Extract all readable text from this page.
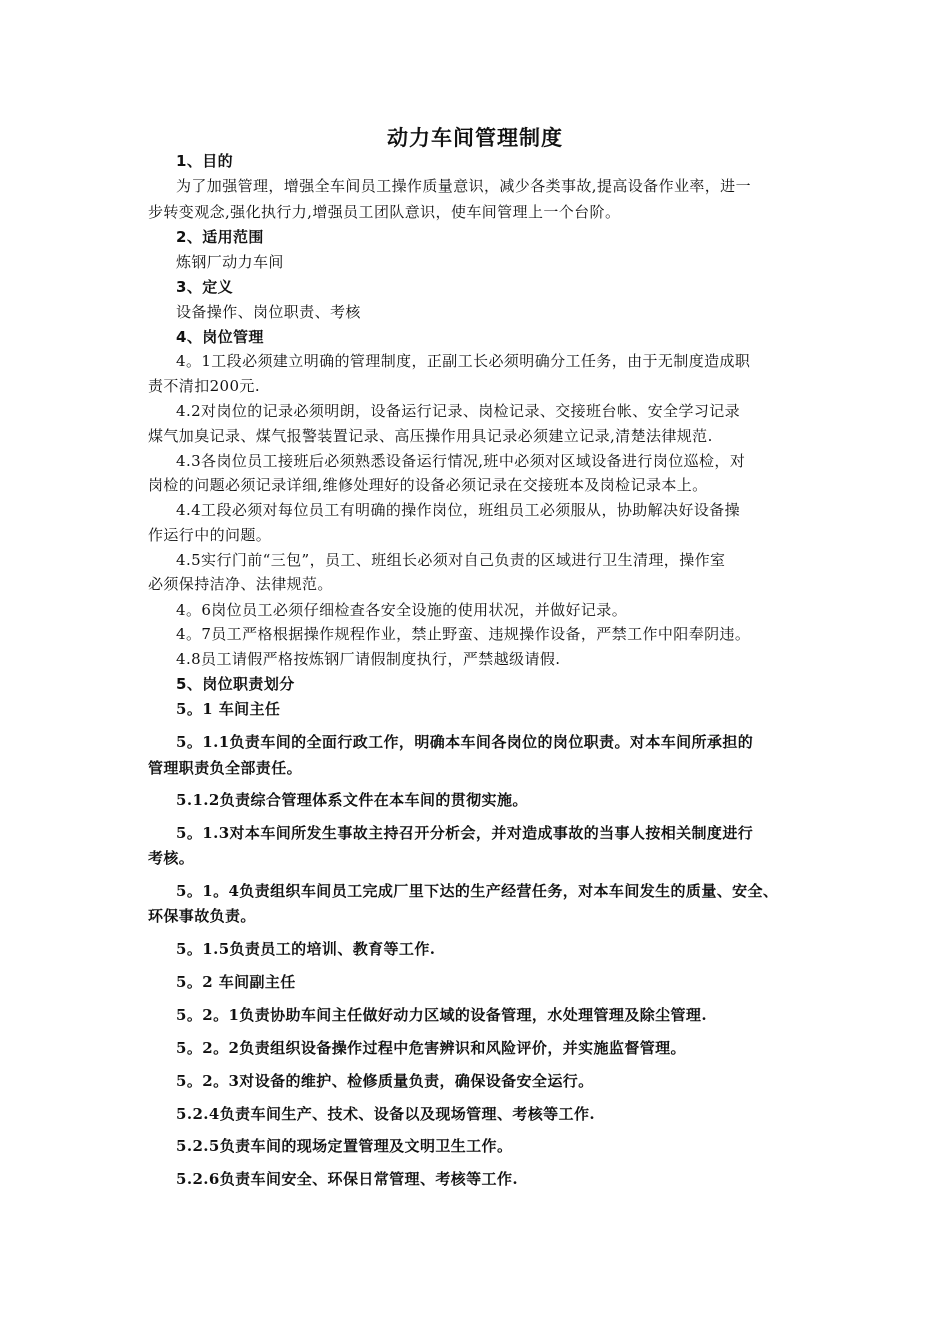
动力车间管理制度
1、目的
为了加强管理，增强全车间员工操作质量意识，减少各类事故,提高设备作业率，进一
步转变观念,强化执行力,增强员工团队意识，使车间管理上一个台阶。
2、适用范围
炼钢厂动力车间
3、定义
设备操作、岗位职责、考核
4、岗位管理
4。1工段必须建立明确的管理制度，正副工长必须明确分工任务，由于无制度造成职
责不清扣200元.
4.2对岗位的记录必须明朗，设备运行记录、岗检记录、交接班台帐、安全学习记录
煤气加臭记录、煤气报警装置记录、高压操作用具记录必须建立记录,清楚法律规范.
4.3各岗位员工接班后必须熟悉设备运行情况,班中必须对区域设备进行岗位巡检，对
岗检的问题必须记录详细,维修处理好的设备必须记录在交接班本及岗检记录本上。
4.4工段必须对每位员工有明确的操作岗位，班组员工必须服从，协助解决好设备操
作运行中的问题。
4.5实行门前“三包”，员工、班组长必须对自己负责的区域进行卫生清理，操作室
必须保持洁净、法律规范。
4。6岗位员工必须仔细检查各安全设施的使用状况，并做好记录。
4。7员工严格根据操作规程作业，禁止野蛮、违规操作设备，严禁工作中阳奉阴违。
4.8员工请假严格按炼钢厂请假制度执行，严禁越级请假.
5、岗位职责划分
5。1 车间主任
5。1.1负责车间的全面行政工作，明确本车间各岗位的岗位职责。对本车间所承担的
管理职责负全部责任。
5.1.2负责综合管理体系文件在本车间的贯彻实施。
5。1.3对本车间所发生事故主持召开分析会，并对造成事故的当事人按相关制度进行
考核。
5。1。4负责组织车间员工完成厂里下达的生产经营任务，对本车间发生的质量、安全、
环保事故负责。
5。1.5负责员工的培训、教育等工作.
5。2 车间副主任
5。2。1负责协助车间主任做好动力区域的设备管理，水处理管理及除尘管理.
5。2。2负责组织设备操作过程中危害辨识和风险评价，并实施监督管理。
5。2。3对设备的维护、检修质量负责，确保设备安全运行。
5.2.4负责车间生产、技术、设备以及现场管理、考核等工作.
5.2.5负责车间的现场定置管理及文明卫生工作。
5.2.6负责车间安全、环保日常管理、考核等工作.
